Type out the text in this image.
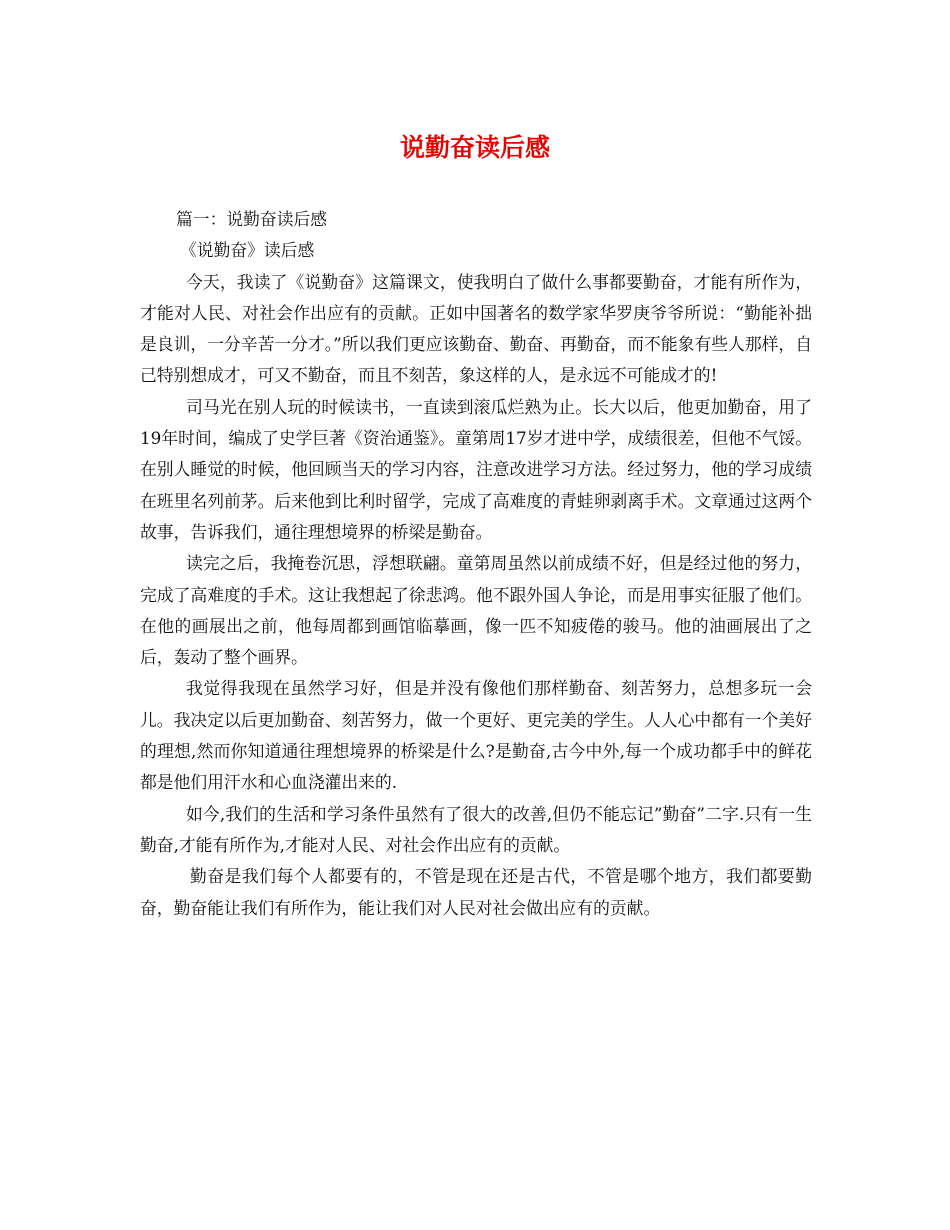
说勤奋读后感

篇一：说勤奋读后感

《说勤奋》读后感

今天，我读了《说勤奋》这篇课文，使我明白了做什么事都要勤奋，才能有所作为，才能对人民、对社会作出应有的贡献。正如中国著名的数学家华罗庚爷爷所说：“勤能补拙是良训，一分辛苦一分才。”所以我们更应该勤奋、勤奋、再勤奋，而不能象有些人那样，自己特别想成才，可又不勤奋，而且不刻苦，象这样的人，是永远不可能成才的!

司马光在别人玩的时候读书，一直读到滚瓜烂熟为止。长大以后，他更加勤奋，用了19年时间，编成了史学巨著《资治通鉴》。童第周17岁才进中学，成绩很差，但他不气馁。在别人睡觉的时候，他回顾当天的学习内容，注意改进学习方法。经过努力，他的学习成绩在班里名列前茅。后来他到比利时留学，完成了高难度的青蛙卵剥离手术。文章通过这两个故事，告诉我们，通往理想境界的桥梁是勤奋。

读完之后，我掩卷沉思，浮想联翩。童第周虽然以前成绩不好，但是经过他的努力，完成了高难度的手术。这让我想起了徐悲鸿。他不跟外国人争论，而是用事实征服了他们。在他的画展出之前，他每周都到画馆临摹画，像一匹不知疲倦的骏马。他的油画展出了之后，轰动了整个画界。

我觉得我现在虽然学习好，但是并没有像他们那样勤奋、刻苦努力，总想多玩一会儿。我决定以后更加勤奋、刻苦努力，做一个更好、更完美的学生。人人心中都有一个美好的理想,然而你知道通往理想境界的桥梁是什么?是勤奋,古今中外,每一个成功都手中的鲜花都是他们用汗水和心血浇灌出来的.

如今,我们的生活和学习条件虽然有了很大的改善,但仍不能忘记”勤奋”二字.只有一生勤奋,才能有所作为,才能对人民、对社会作出应有的贡献。

勤奋是我们每个人都要有的，不管是现在还是古代，不管是哪个地方，我们都要勤奋，勤奋能让我们有所作为，能让我们对人民对社会做出应有的贡献。
